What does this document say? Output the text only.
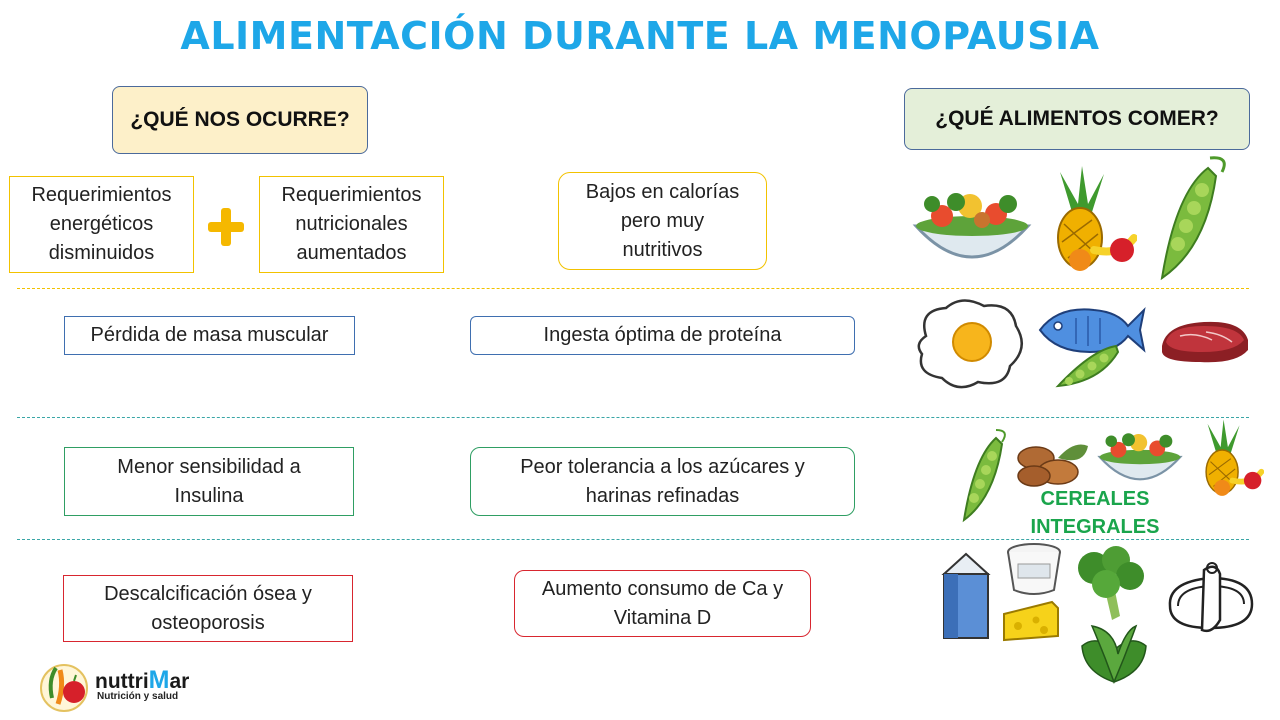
ALIMENTACIÓN DURANTE LA MENOPAUSIA
¿QUÉ NOS OCURRE?	¿QUÉ ALIMENTOS COMER?
Requerimientos energéticos disminuidos
Requerimientos nutricionales aumentados
Bajos en calorías pero muy nutritivos
Pérdida de masa muscular	Ingesta óptima de proteína
Menor sensibilidad a Insulina
Peor tolerancia a los azúcares y harinas refinadas	CEREALES INTEGRALES
Descalcificación ósea y osteoporosis
Aumento consumo de Ca y Vitamina D
nuttriMar
Nutrición y salud
